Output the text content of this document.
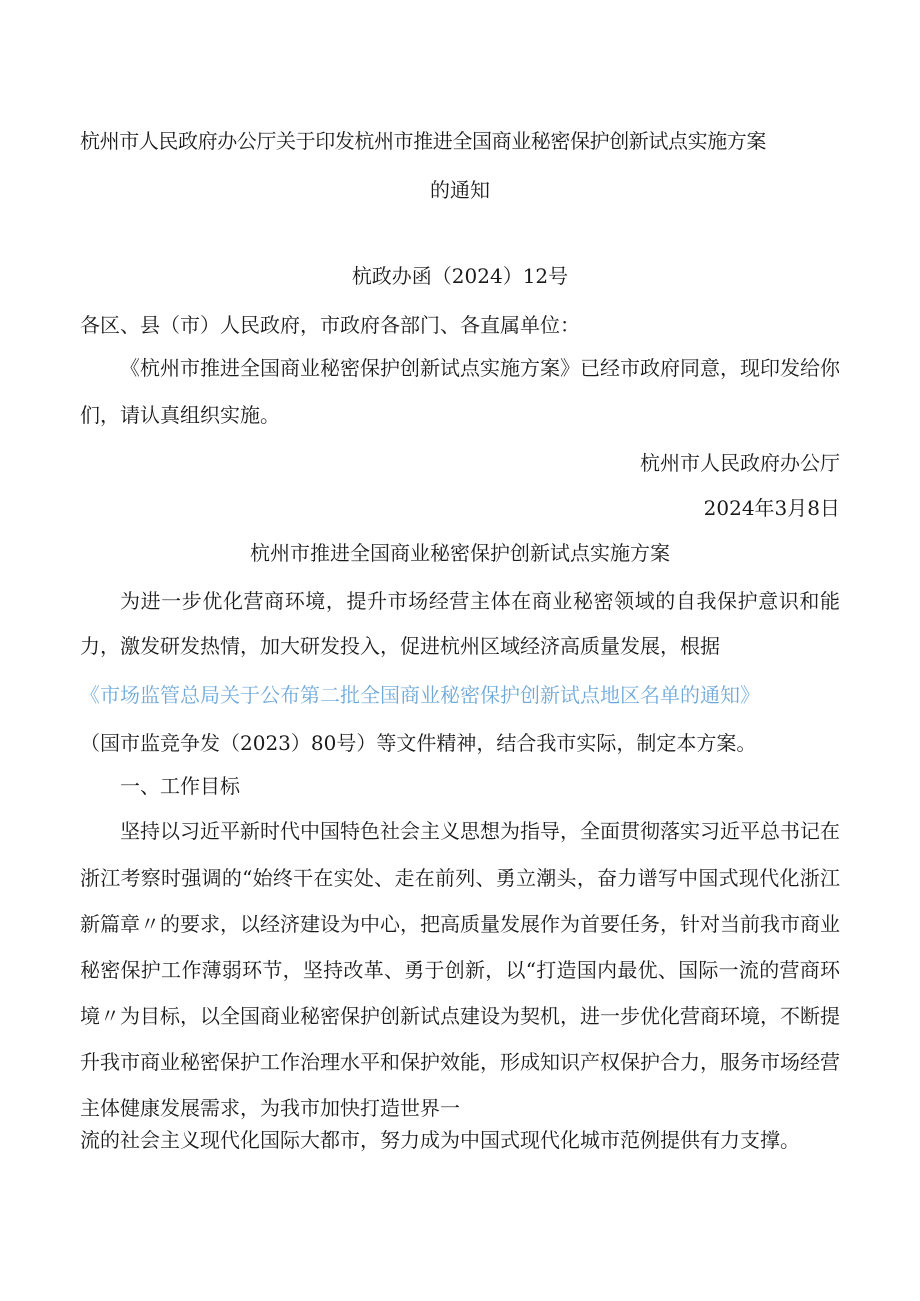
杭州市人民政府办公厅关于印发杭州市推进全国商业秘密保护创新试点实施方案

的通知

杭政办函（2024）12号

各区、县（市）人民政府，市政府各部门、各直属单位：

《杭州市推进全国商业秘密保护创新试点实施方案》已经市政府同意，现印发给你

们，请认真组织实施。

杭州市人民政府办公厅

2024年3月8日

杭州市推进全国商业秘密保护创新试点实施方案

为进一步优化营商环境，提升市场经营主体在商业秘密领域的自我保护意识和能

力，激发研发热情，加大研发投入，促进杭州区域经济高质量发展，根据

《市场监管总局关于公布第二批全国商业秘密保护创新试点地区名单的通知》

（国市监竞争发（2023）80号）等文件精神，结合我市实际，制定本方案。

一、工作目标

坚持以习近平新时代中国特色社会主义思想为指导，全面贯彻落实习近平总书记在

浙江考察时强调的“始终干在实处、走在前列、勇立潮头，奋力谱写中国式现代化浙江

新篇章〃的要求，以经济建设为中心，把高质量发展作为首要任务，针对当前我市商业

秘密保护工作薄弱环节，坚持改革、勇于创新，以“打造国内最优、国际一流的营商环

境〃为目标，以全国商业秘密保护创新试点建设为契机，进一步优化营商环境，不断提

升我市商业秘密保护工作治理水平和保护效能，形成知识产权保护合力，服务市场经营

主体健康发展需求，为我市加快打造世界一

流的社会主义现代化国际大都市，努力成为中国式现代化城市范例提供有力支撑。
